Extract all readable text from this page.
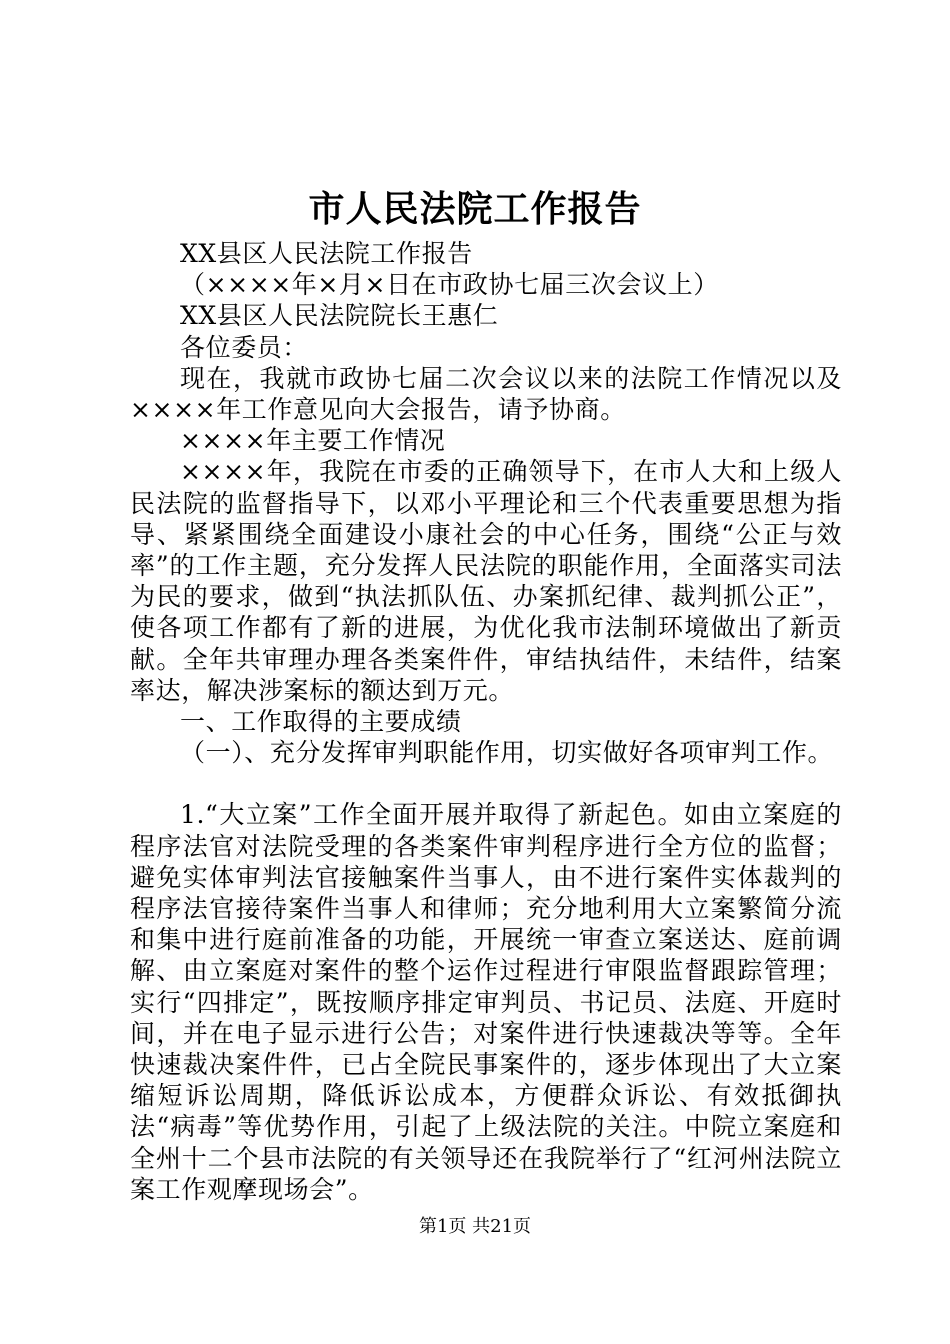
市人民法院工作报告

XX县区人民法院工作报告

（××××年×月×日在市政协七届三次会议上）

XX县区人民法院院长王惠仁

各位委员：

现在，我就市政协七届二次会议以来的法院工作情况以及××××年工作意见向大会报告，请予协商。

××××年主要工作情况

××××年，我院在市委的正确领导下，在市人大和上级人民法院的监督指导下，以邓小平理论和三个代表重要思想为指导、紧紧围绕全面建设小康社会的中心任务，围绕“公正与效率”的工作主题，充分发挥人民法院的职能作用，全面落实司法为民的要求，做到“执法抓队伍、办案抓纪律、裁判抓公正”，使各项工作都有了新的进展，为优化我市法制环境做出了新贡献。全年共审理办理各类案件件，审结执结件，未结件，结案率达，解决涉案标的额达到万元。

一、工作取得的主要成绩

（一）、充分发挥审判职能作用，切实做好各项审判工作。

1.“大立案”工作全面开展并取得了新起色。如由立案庭的程序法官对法院受理的各类案件审判程序进行全方位的监督；避免实体审判法官接触案件当事人，由不进行案件实体裁判的程序法官接待案件当事人和律师；充分地利用大立案繁简分流和集中进行庭前准备的功能，开展统一审查立案送达、庭前调解、由立案庭对案件的整个运作过程进行审限监督跟踪管理；实行“四排定”，既按顺序排定审判员、书记员、法庭、开庭时间，并在电子显示进行公告；对案件进行快速裁决等等。全年快速裁决案件件，已占全院民事案件的，逐步体现出了大立案缩短诉讼周期，降低诉讼成本，方便群众诉讼、有效抵御执法“病毒”等优势作用，引起了上级法院的关注。中院立案庭和全州十二个县市法院的有关领导还在我院举行了“红河州法院立案工作观摩现场会”。

第1页 共21页
